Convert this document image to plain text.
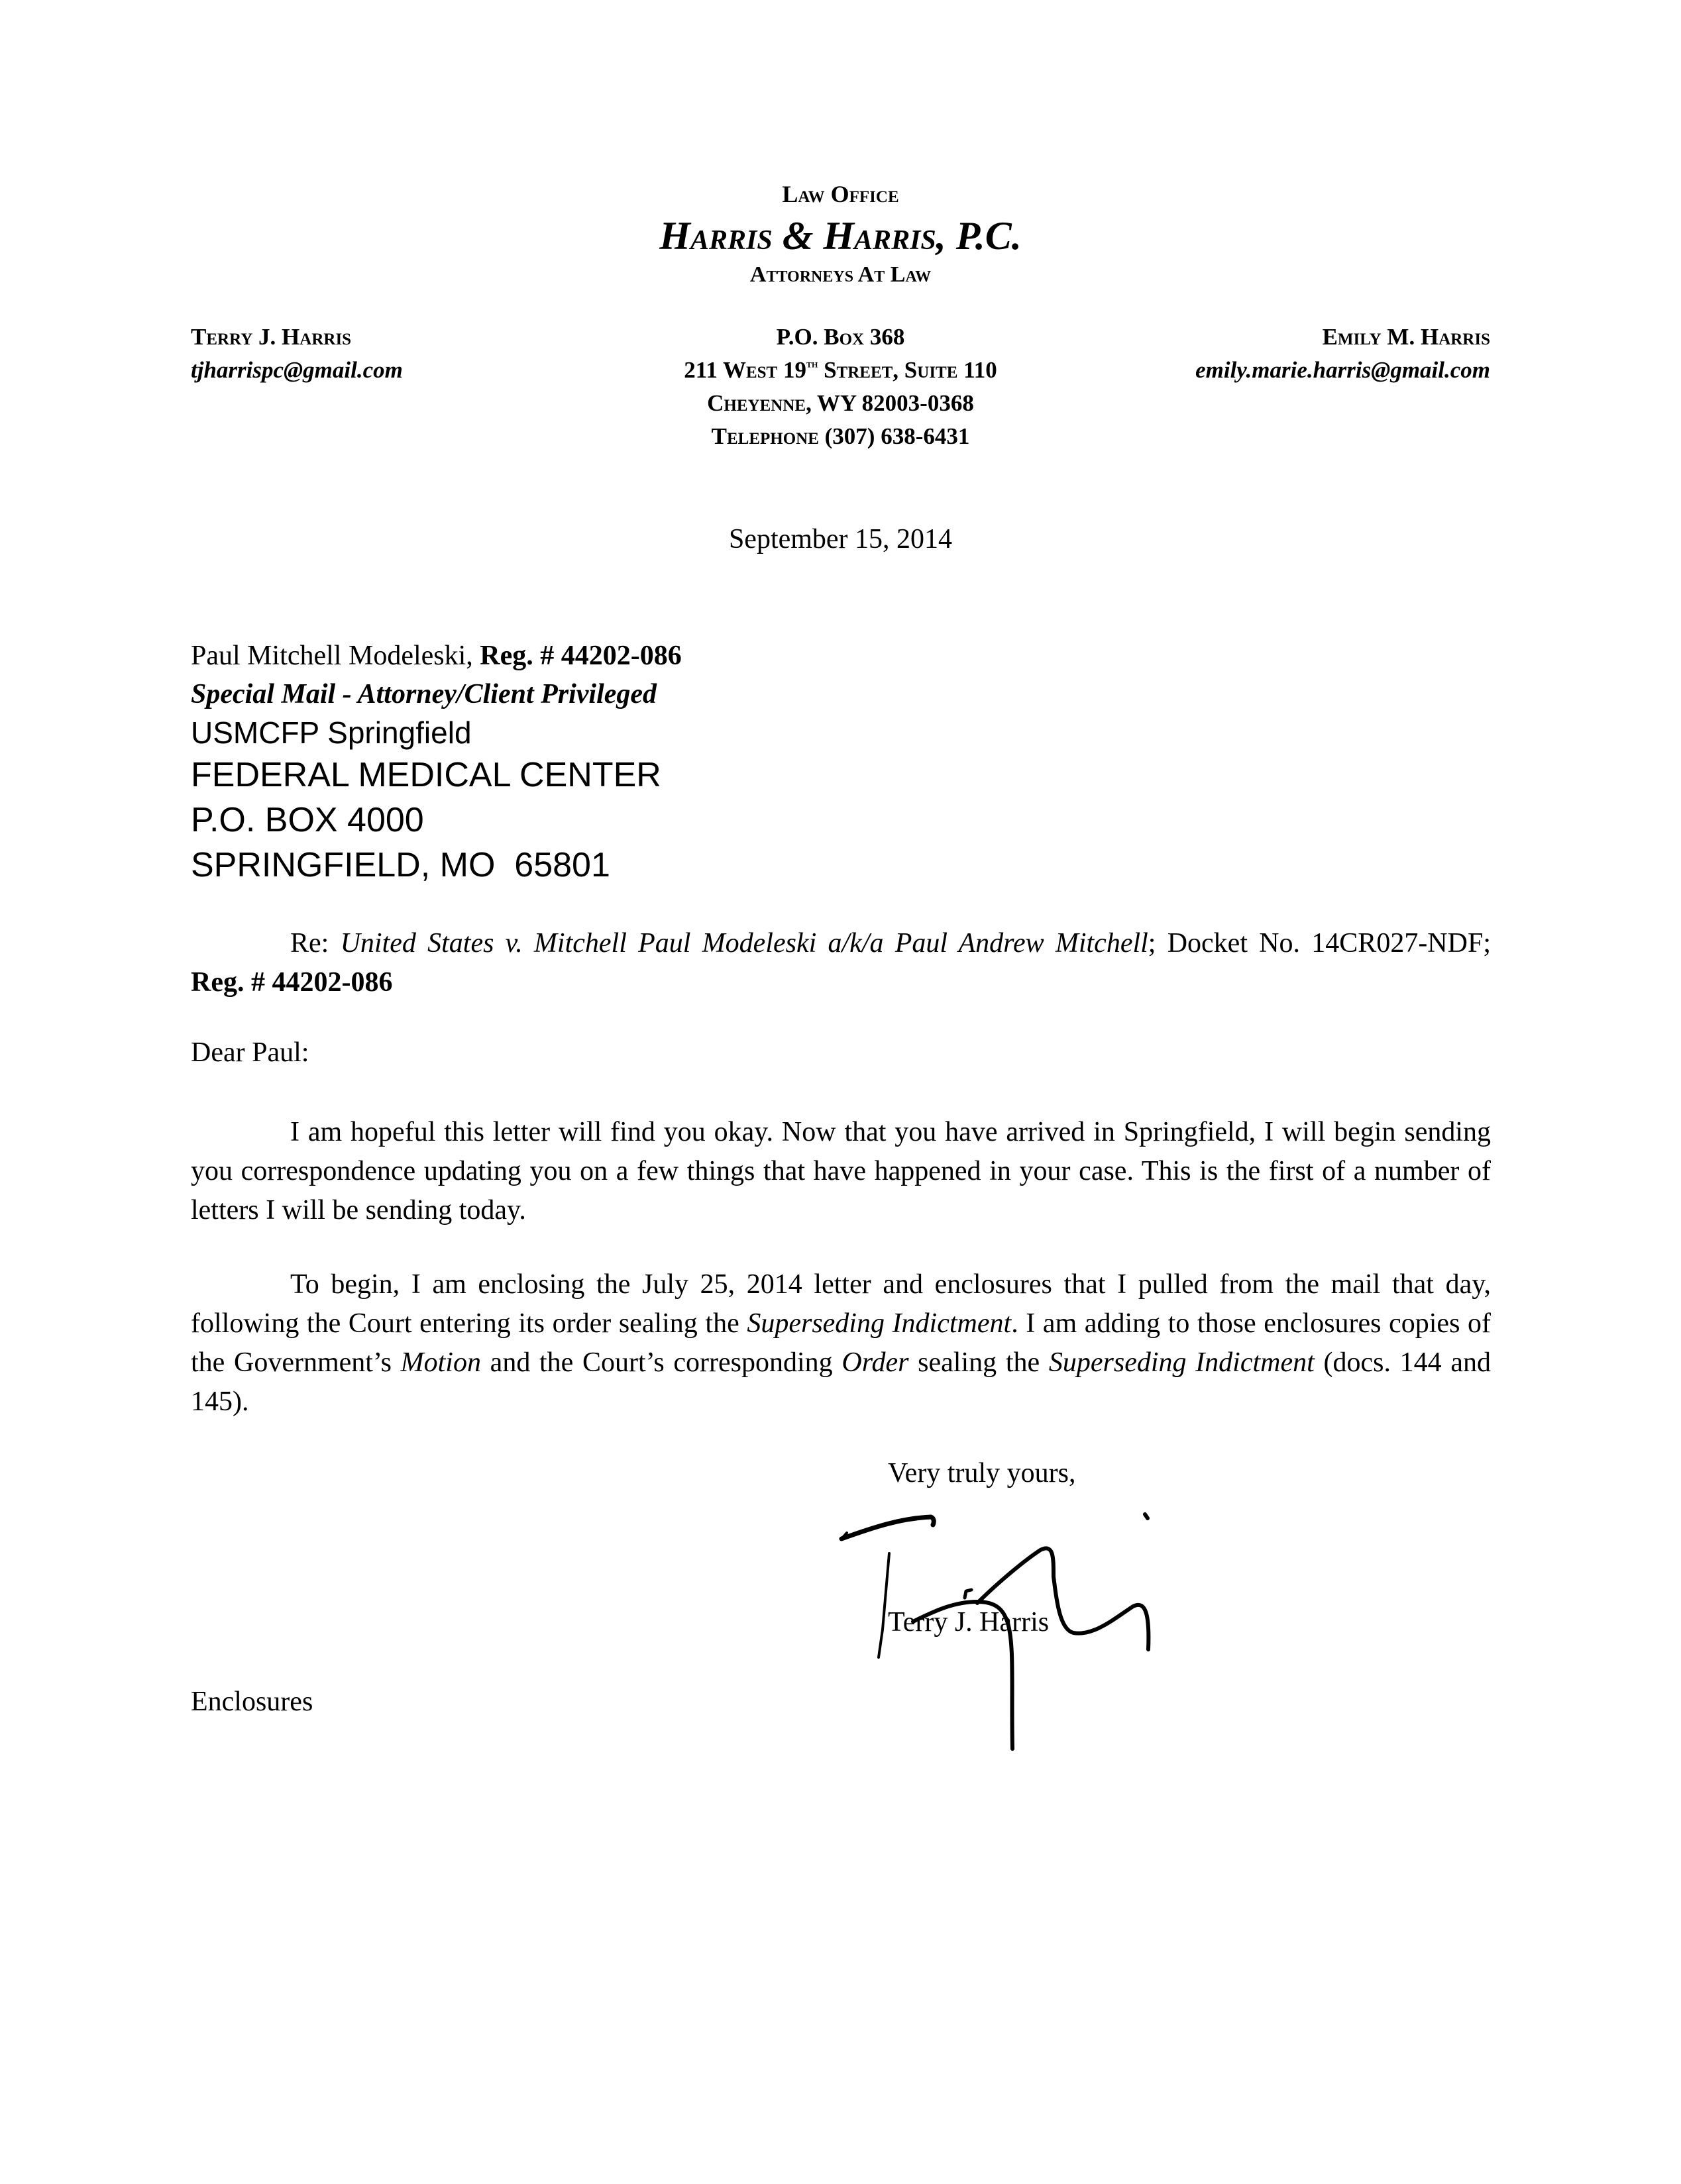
Law Office
Harris & Harris, P.C.
Attorneys At Law
Terry J. Harris
tjharrispc@gmail.com
P.O. Box 368
211 West 19th Street, Suite 110
Cheyenne, WY 82003-0368
Telephone (307) 638-6431
Emily M. Harris
emily.marie.harris@gmail.com
September 15, 2014
Paul Mitchell Modeleski, Reg. # 44202-086
Special Mail - Attorney/Client Privileged
USMCFP Springfield
FEDERAL MEDICAL CENTER
P.O. BOX 4000
SPRINGFIELD, MO  65801
Re: United States v. Mitchell Paul Modeleski a/k/a Paul Andrew Mitchell; Docket No. 14CR027-NDF; Reg. # 44202-086
Dear Paul:
I am hopeful this letter will find you okay. Now that you have arrived in Springfield, I will begin sending you correspondence updating you on a few things that have happened in your case. This is the first of a number of letters I will be sending today.
To begin, I am enclosing the July 25, 2014 letter and enclosures that I pulled from the mail that day, following the Court entering its order sealing the Superseding Indictment. I am adding to those enclosures copies of the Government’s Motion and the Court’s corresponding Order sealing the Superseding Indictment (docs. 144 and 145).
Very truly yours,
Terry J. Harris
Enclosures
